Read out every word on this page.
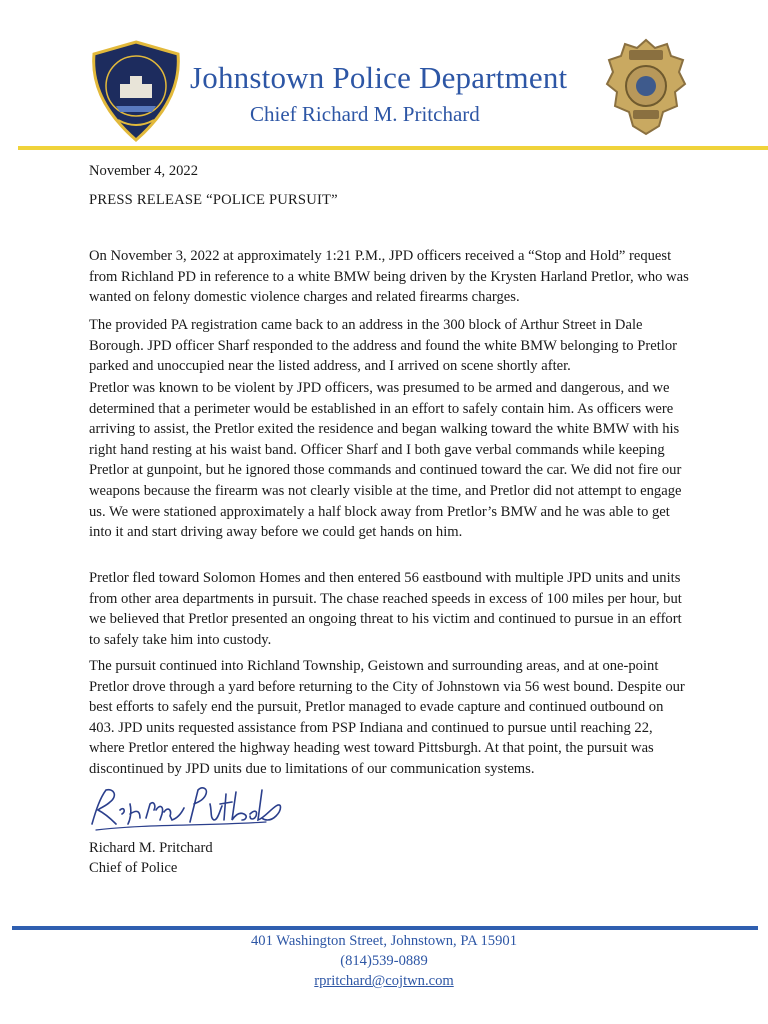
Johnstown Police Department
Chief Richard M. Pritchard
November 4, 2022
PRESS RELEASE “POLICE PURSUIT”

On November 3, 2022 at approximately 1:21 P.M., JPD officers received a “Stop and Hold” request from Richland PD in reference to a white BMW being driven by the Krysten Harland Pretlor, who was wanted on felony domestic violence charges and related firearms charges.

The provided PA registration came back to an address in the 300 block of Arthur Street in Dale Borough. JPD officer Sharf responded to the address and found the white BMW belonging to Pretlor parked and unoccupied near the listed address, and I arrived on scene shortly after.

Pretlor was known to be violent by JPD officers, was presumed to be armed and dangerous, and we determined that a perimeter would be established in an effort to safely contain him. As officers were arriving to assist, the Pretlor exited the residence and began walking toward the white BMW with his right hand resting at his waist band. Officer Sharf and I both gave verbal commands while keeping Pretlor at gunpoint, but he ignored those commands and continued toward the car. We did not fire our weapons because the firearm was not clearly visible at the time, and Pretlor did not attempt to engage us. We were stationed approximately a half block away from Pretlor’s BMW and he was able to get into it and start driving away before we could get hands on him.

Pretlor fled toward Solomon Homes and then entered 56 eastbound with multiple JPD units and units from other area departments in pursuit. The chase reached speeds in excess of 100 miles per hour, but we believed that Pretlor presented an ongoing threat to his victim and continued to pursue in an effort to safely take him into custody.

The pursuit continued into Richland Township, Geistown and surrounding areas, and at one-point Pretlor drove through a yard before returning to the City of Johnstown via 56 west bound. Despite our best efforts to safely end the pursuit, Pretlor managed to evade capture and continued outbound on 403. JPD units requested assistance from PSP Indiana and continued to pursue until reaching 22, where Pretlor entered the highway heading west toward Pittsburgh. At that point, the pursuit was discontinued by JPD units due to limitations of our communication systems.

Richard M. Pritchard
Chief of Police
401 Washington Street, Johnstown, PA 15901
(814)539-0889
rpritchard@cojtwn.com
